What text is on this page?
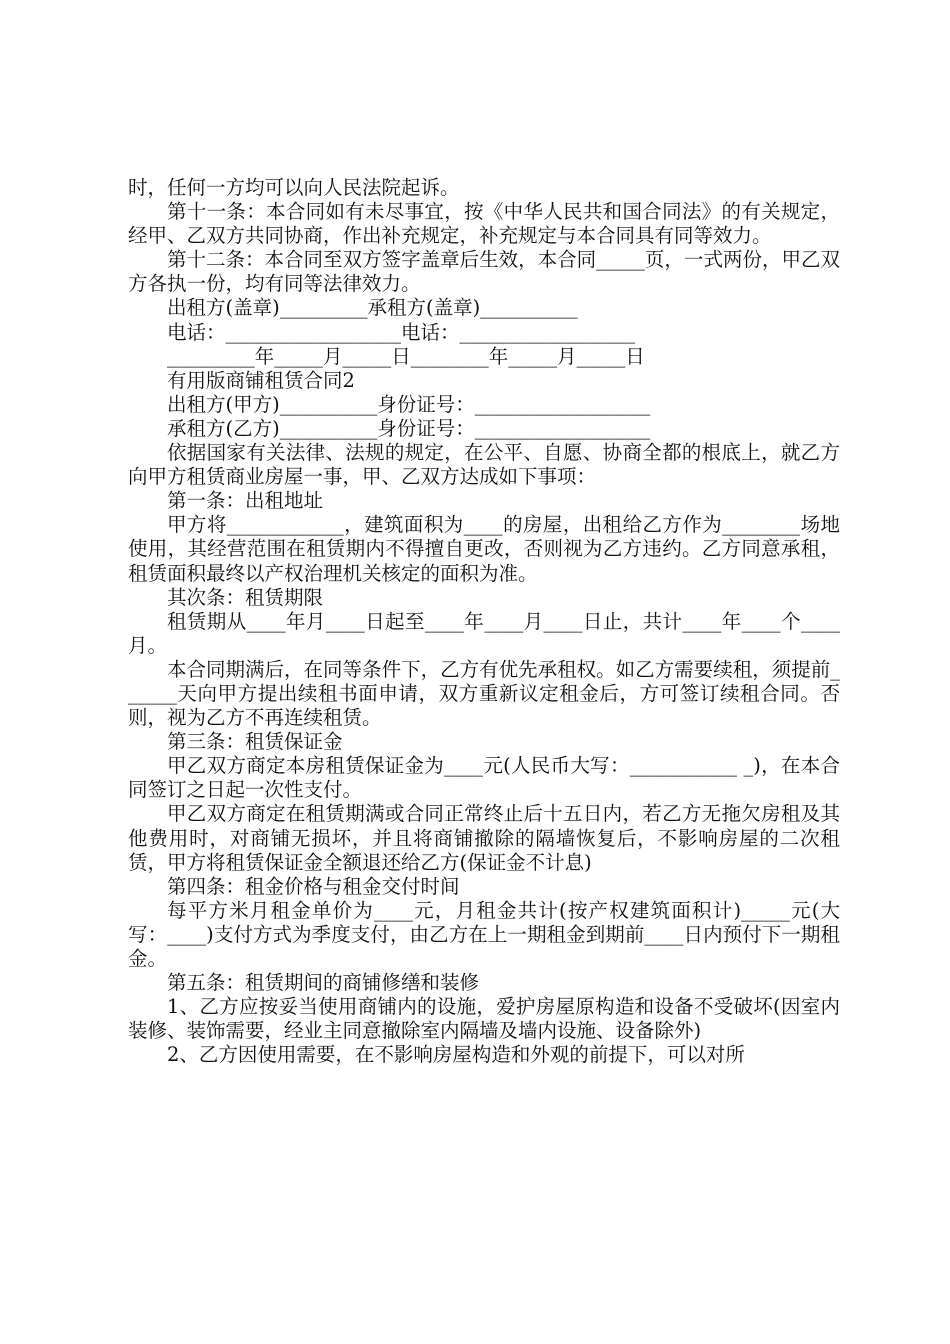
时，任何一方均可以向人民法院起诉。
第十一条：本合同如有未尽事宜，按《中华人民共和国合同法》的有关规定，经甲、乙双方共同协商，作出补充规定，补充规定与本合同具有同等效力。
第十二条：本合同至双方签字盖章后生效，本合同_____页，一式两份，甲乙双方各执一份，均有同等法律效力。
出租方(盖章)_________承租方(盖章)__________
电话：__________________电话：__________________
_________年_____月_____日________年_____月_____日
有用版商铺租赁合同2
出租方(甲方)__________身份证号：__________________
承租方(乙方)__________身份证号：__________________
依据国家有关法律、法规的规定，在公平、自愿、协商全都的根底上，就乙方向甲方租赁商业房屋一事，甲、乙双方达成如下事项：
第一条：出租地址
甲方将____________，建筑面积为____的房屋，出租给乙方作为________场地使用，其经营范围在租赁期内不得擅自更改，否则视为乙方违约。乙方同意承租，租赁面积最终以产权治理机关核定的面积为准。
其次条：租赁期限
租赁期从____年月____日起至____年____月____日止，共计____年____个____月。
本合同期满后，在同等条件下，乙方有优先承租权。如乙方需要续租，须提前______天向甲方提出续租书面申请，双方重新议定租金后，方可签订续租合同。否则，视为乙方不再连续租赁。
第三条：租赁保证金
甲乙双方商定本房租赁保证金为____元(人民币大写：___________ _)，在本合同签订之日起一次性支付。
甲乙双方商定在租赁期满或合同正常终止后十五日内，若乙方无拖欠房租及其他费用时，对商铺无损坏，并且将商铺撤除的隔墙恢复后，不影响房屋的二次租赁，甲方将租赁保证金全额退还给乙方(保证金不计息)
第四条：租金价格与租金交付时间
每平方米月租金单价为____元，月租金共计(按产权建筑面积计)_____元(大写：____)支付方式为季度支付，由乙方在上一期租金到期前____日内预付下一期租金。
第五条：租赁期间的商铺修缮和装修
1、乙方应按妥当使用商铺内的设施，爱护房屋原构造和设备不受破坏(因室内装修、装饰需要，经业主同意撤除室内隔墙及墙内设施、设备除外)
2、乙方因使用需要，在不影响房屋构造和外观的前提下，可以对所
